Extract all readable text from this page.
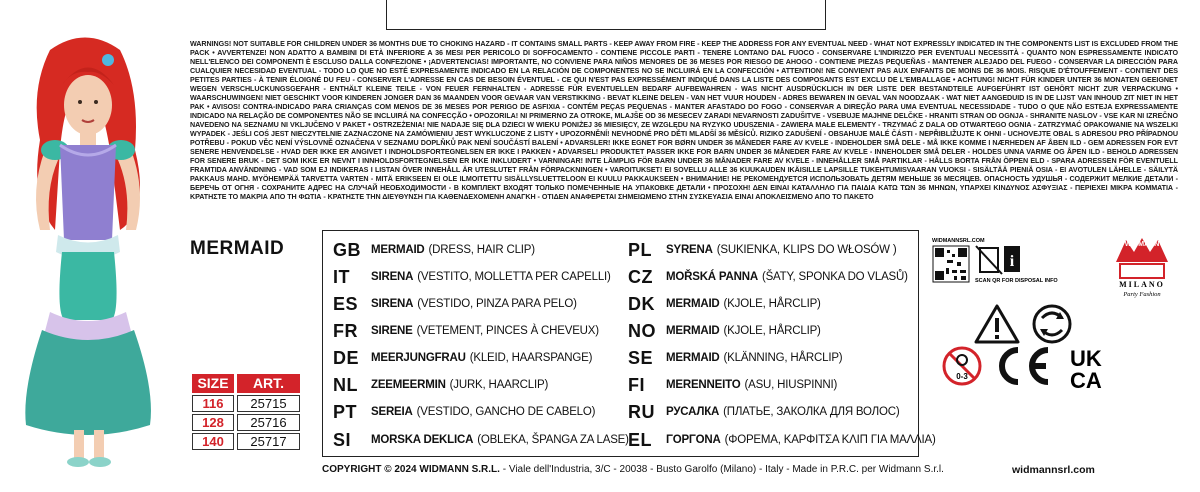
WARNINGS! NOT SUITABLE FOR CHILDREN UNDER 36 MONTHS DUE TO CHOKING HAZARD - IT CONTAINS SMALL PARTS - KEEP AWAY FROM FIRE - KEEP THE ADDRESS FOR ANY EVENTUAL NEED - WHAT NOT EXPRESSLY INDICATED IN THE COMPONENTS LIST IS EXCLUDED FROM THE PACK • AVVERTENZE! NON ADATTO A BAMBINI DI ETÀ INFERIORE A 36 MESI PER PERICOLO DI SOFFOCAMENTO - CONTIENE PICCOLE PARTI - TENERE LONTANO DAL FUOCO - CONSERVARE L'INDIRIZZO PER EVENTUALI NECESSITÀ - QUANTO NON ESPRESSAMENTE INDICATO NELL'ELENCO DEI COMPONENTI È ESCLUSO DALLA CONFEZIONE • ¡ADVERTENCIAS! IMPORTANTE, NO CONVIENE PARA NIÑOS MENORES DE 36 MESES POR RIESGO DE AHOGO - CONTIENE PIEZAS PEQUEÑAS - MANTENER ALEJADO DEL FUEGO - CONSERVAR LA DIRECCIÓN PARA CUALQUIER NECESIDAD EVENTUAL - TODO LO QUE NO ESTÉ EXPRESAMENTE INDICADO EN LA RELACIÓN DE COMPONENTES NO SE INCLUIRÁ EN LA CONFECCIÓN • ATTENTION! NE CONVIENT PAS AUX ENFANTS DE MOINS DE 36 MOIS. RISQUE D'ÉTOUFFEMENT - CONTIENT DES PETITES PARTIES - À TENIR ÉLOIGNÉ DU FEU - CONSERVER L'ADRESSE EN CAS DE BESOIN ÉVENTUEL - CE QUI N'EST PAS EXPRESSÉMENT INDIQUÉ DANS LA LISTE DES COMPOSANTS EST EXCLU DE L'EMBALLAGE • ACHTUNG! NICHT FÜR KINDER UNTER 36 MONATEN GEEIGNET WEGEN VERSCHLUCKUNGSGEFAHR - ENTHÄLT KLEINE TEILE - VON FEUER FERNHALTEN - ADRESSE FÜR EVENTUELLEN BEDARF AUFBEWAHREN - WAS NICHT AUSDRÜCKLICH IN DER LISTE DER BESTANDTEILE AUFGEFÜHRT IST GEHÖRT NICHT ZUR VERPACKUNG • WAARSCHUWINGEN! NIET GESCHIKT VOOR KINDEREN JONGER DAN 36 MAANDEN VOOR GEVAAR VAN VERSTIKKING - BEVAT KLEINE DELEN - VAN HET VUUR HOUDEN - ADRES BEWAREN IN GEVAL VAN NOODZAAK - WAT NIET AANGEDUID IS IN DE LIJST VAN INHOUD ZIT NIET IN HET PAK • AVISOS! CONTRA-INDICADO PARA CRIANÇAS COM MENOS DE 36 MESES POR PERIGO DE ASFIXIA - CONTÉM PEÇAS PEQUENAS - MANTER AFASTADO DO FOGO - CONSERVAR A DIREÇÃO PARA UMA EVENTUAL NECESSIDADE - TUDO O QUE NÃO ESTEJA EXPRESSAMENTE INDICADO NA RELAÇÃO DE COMPONENTES NÃO SE INCLUIRÁ NA CONFECÇÃO • OPOZORILA! NI PRIMERNO ZA OTROKE, MLAJŠE OD 36 MESECEV ZARADI NEVARNOSTI ZADUŠITVE - VSEBUJE MAJHNE DELČKE - HRANITI STRAN OD OGNJA - SHRANITE NASLOV - VSE KAR NI IZREČNO NAVEDENO NA SEZNAMU NI VKLJUČENO V PAKET • OSTRZEŻENIA! NIE NADAJE SIĘ DLA DZIECI W WIEKU PONIŻEJ 36 MIESIĘCY, ZE WZGLĘDU NA RYZYKO UDUSZENIA - ZAWIERA MAŁE ELEMENTY - TRZYMAĆ Z DALA OD OTWARTEGO OGNIA - ZATRZYMAĆ OPAKOWANIE NA WSZELKI WYPADEK - JEŚLI COŚ JEST NIECZYTELNIE ZAZNACZONE NA ZAMÓWIENIU JEST WYKLUCZONE Z LISTY • UPOZORNĚNÍ! NEVHODNÉ PRO DĚTI MLADŠÍ 36 MĚSÍCŮ. RIZIKO ZADUŠENÍ - OBSAHUJE MALÉ ČÁSTI - NEPŘIBLIŽUJTE K OHNI - UCHOVEJTE OBAL S ADRESOU PRO PŘÍPADNOU POTŘEBU - POKUD VĚC NENÍ VÝSLOVNĚ OZNAČENA V SEZNAMU DOPLŇKŮ PAK NENÍ SOUČÁSTÍ BALENÍ • ADVARSLER! IKKE EGNET FOR BØRN UNDER 36 MÅNEDER FARE AV KVELE - INDEHOLDER SMÅ DELE - MÅ IKKE KOMME I NÆRHEDEN AF ÅBEN ILD - GEM ADRESSEN FOR EVT SENERE HENVENDELSE - HVAD DER IKKE ER ANGIVET I INDHOLDSFORTEGNELSEN ER IKKE I PAKKEN • ADVARSEL! PRODUKTET PASSER IKKE FOR BARN UNDER 36 MÅNEDER FARE AV KVELE - INNEHOLDER SMÅ DELER - HOLDES UNNA VARME OG ÅPEN ILD - BEHOLD ADRESSEN FOR SENERE BRUK - DET SOM IKKE ER NEVNT I INNHOLDSFORTEGNELSEN ER IKKE INKLUDERT • VARNINGAR! INTE LÄMPLIG FÖR BARN UNDER 36 MÅNADER FARE AV KVELE - INNEHÅLLER SMÅ PARTIKLAR - HÅLLS BORTA FRÅN ÖPPEN ELD - SPARA ADRESSEN FÖR EVENTUELL FRAMTIDA ANVÄNDNING - VAD SOM EJ INDIKERAS I LISTAN ÖVER INNEHÅLL ÄR UTESLUTET FRÅN FÖRPACKNINGEN • VAROITUKSET! EI SOVELLU ALLE 36 KUUKAUDEN IKÄISILLE LAPSILLE TUKEHTUMISVAARAN VUOKSI - SISÄLTÄÄ PIENIÄ OSIA - EI AVOTULEN LÄHELLE - SÄILYTÄ PAKKAUS MAHD. MYÖHEMPÄÄ TARVETTA VARTEN - MITÄ ERIKSEEN EI OLE ILMOITETTU SISÄLLYSLUETTELOON EI KUULU PAKKAUKSEEN • ВНИМАНИЕ! НЕ РЕКОМЕНДУЕТСЯ ИСПОЛЬЗОВАТЬ ДЕТЯМ МЕНЬШЕ 36 МЕСЯЦЕВ. ОПАСНОСТЬ УДУШЬЯ - СОДЕРЖИТ МЕЛКИЕ ДЕТАЛИ - БЕРЕЧЬ ОТ ОГНЯ - СОХРАНИТЕ АДРЕС НА СЛУЧАЙ НЕОБХОДИМОСТИ - В КОМПЛЕКТ ВХОДЯТ ТОЛЬКО ПОМЕЧЕННЫЕ НА УПАКОВКЕ ДЕТАЛИ • ΠΡΟΣΟΧΗ! ΔΕΝ ΕΙΝΑΙ ΚΑΤΑΛΛΗΛΟ ΓΙΑ ΠΑΙΔΙΑ ΚΑΤΩ ΤΩΝ 36 ΜΗΝΩΝ, ΥΠΑΡΧΕΙ ΚΙΝΔΥΝΟΣ ΑΣΦΥΞΙΑΣ - ΠΕΡΙΕΧΕΙ ΜΙΚΡΑ ΚΟΜΜΑΤΙΑ - ΚΡΑΤΗΣΤΕ ΤΟ ΜΑΚΡΙΑ ΑΠΟ ΤΗ ΦΩΤΙΑ - ΚΡΑΤΗΣΤΕ ΤΗΝ ΔΙΕΥΘΥΝΣΗ ΓΙΑ ΚΑΘΕΝΔΕΧΟΜΕΝΗ ΑΝΑΓΚΗ - ΟΤΙΔΕΝ ΑΝΑΦΕΡΕΤΑΙ ΣΗΜΕΙΩΜΕΝΟ ΣΤΗΝ ΣΥΣΚΕΥΑΣΙΑ ΕΙΝΑΙ ΑΠΟΚΛΕΙΣΜΕΝΟ ΑΠΟ ΤΟ ΠΑΚΕΤΟ
MERMAID	GB MERMAID (DRESS, HAIR CLIP)
IT	SIRENA (VESTITO, MOLLETTA PER CAPELLI)
ES	SIRENA (VESTIDO, PINZA PARA PELO)
FR	SIRENE (VETEMENT, PINCES À CHEVEUX)
DE	MEERJUNGFRAU (KLEID, HAARSPANGE)
NL	ZEEMEERMIN (JURK, HAARCLIP)
PT	SEREIA (VESTIDO, GANCHO DE CABELO)
SI	MORSKA DEKLICA (OBLEKA, ŠPANGA ZA LASE)
PL	SYRENA (SUKIENKA, KLIPS DO WŁOSÓW )
CZ	MOŘSKÁ PANNA (ŠATY, SPONKA DO VLASŮ)
DK MERMAID (KJOLE, HÅRCLIP)
NO MERMAID (KJOLE, HÅRCLIP)
SE	MERMAID (KLÄNNING, HÅRCLIP)
FI	MERENNEITO (ASU, HIUSPINNI)
RU РУСАЛКА (ПЛАТЬЕ, ЗАКОЛКА ДЛЯ ВОЛОС)
EL	ΓΟΡΓΟΝΑ (ΦΟΡΕΜΑ, ΚΑΡΦΙΤΣΑ ΚΛΙΠ ΓΙΑ ΜΑΛΛΙΑ)
SIZE	ART.
116	25715
128	25716
140	25717
WIDMANNSRL.COM
i
SCAN QR FOR DISPOSAL INFO
WIDMANN
MILANO
Party Fashion
0-3
UK
CA
COPYRIGHT © 2024 WIDMANN S.R.L. - Viale dell'Industria, 3/C - 20038 - Busto Garolfo (Milano) - Italy - Made in P.R.C. per Widmann S.r.l.	widmannsrl.com
